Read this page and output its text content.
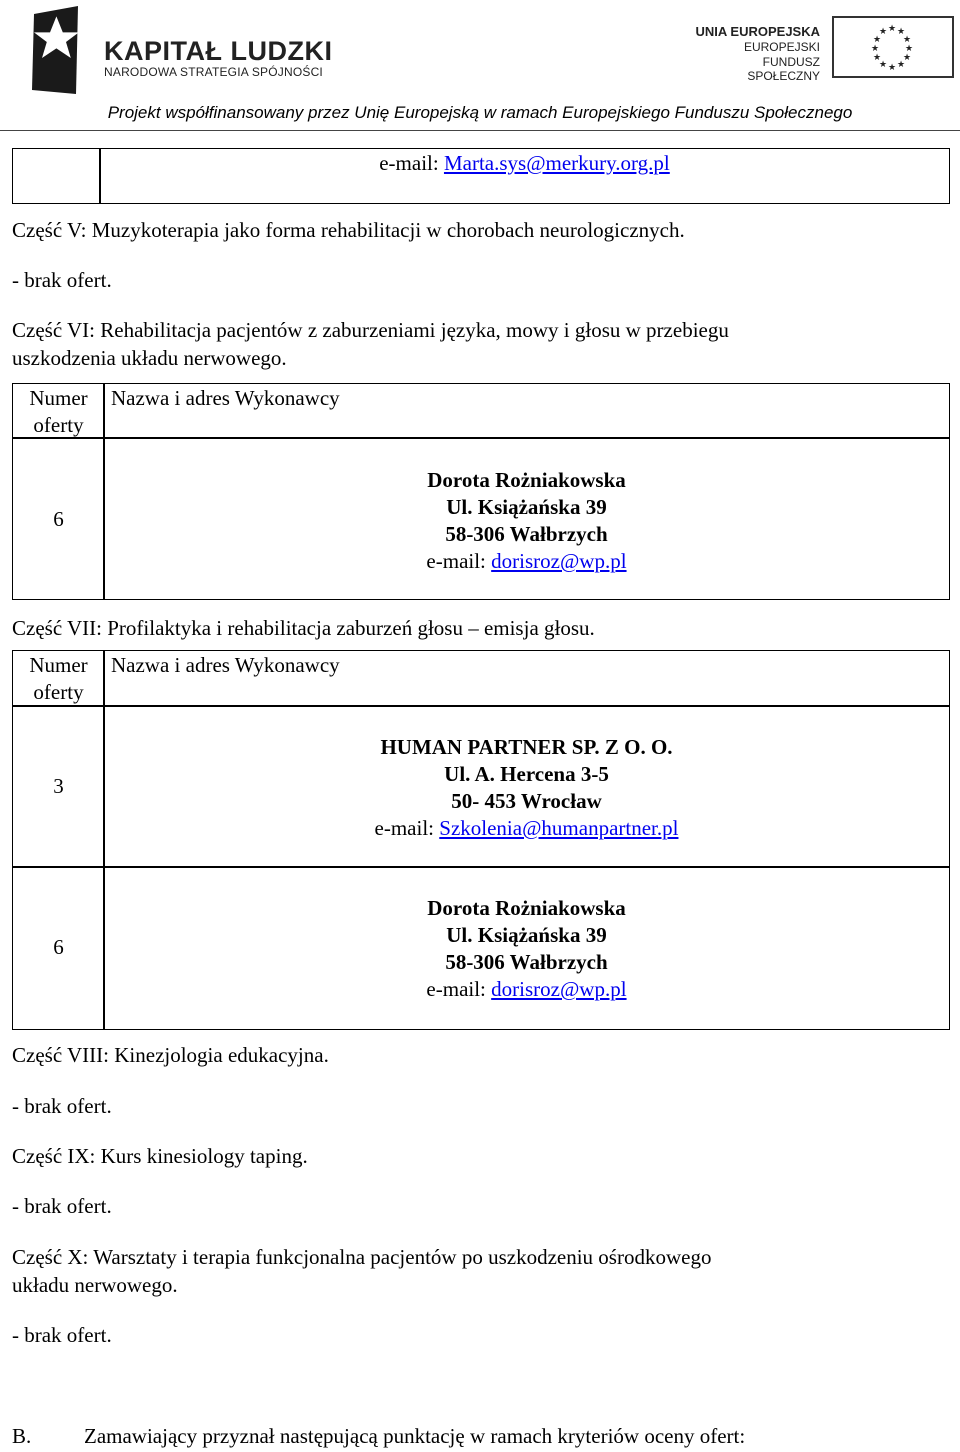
KAPITAŁ LUDZKI
NARODOWA STRATEGIA SPÓJNOŚCI
UNIA EUROPEJSKA
EUROPEJSKI
FUNDUSZ SPOŁECZNY
★ ★
★
★
★
★
★
★
★
★
★
★
Projekt współfinansowany przez Unię Europejską w ramach Europejskiego Funduszu Społecznego
e-mail: Marta.sys@merkury.org.pl
Część V: Muzykoterapia jako forma rehabilitacji w chorobach neurologicznych.
- brak ofert.
Część VI: Rehabilitacja pacjentów z zaburzeniami języka, mowy i głosu w przebiegu
uszkodzenia układu nerwowego.
Numer
oferty
Nazwa i adres Wykonawcy
6
Dorota Rożniakowska
Ul. Książańska 39
58-306 Wałbrzych
e-mail: dorisroz@wp.pl
Część VII: Profilaktyka i rehabilitacja zaburzeń głosu – emisja głosu.
Numer
oferty
Nazwa i adres Wykonawcy
3
HUMAN PARTNER SP. Z O. O.
Ul. A. Hercena 3-5
50- 453 Wrocław
e-mail: Szkolenia@humanpartner.pl
6
Dorota Rożniakowska
Ul. Książańska 39
58-306 Wałbrzych
e-mail: dorisroz@wp.pl
Część VIII: Kinezjologia edukacyjna.
- brak ofert.
Część IX: Kurs kinesiology taping.
- brak ofert.
Część X: Warsztaty i terapia funkcjonalna pacjentów po uszkodzeniu ośrodkowego
układu nerwowego.
- brak ofert.
B.	Zamawiający przyznał następującą punktację w ramach kryteriów oceny ofert:
